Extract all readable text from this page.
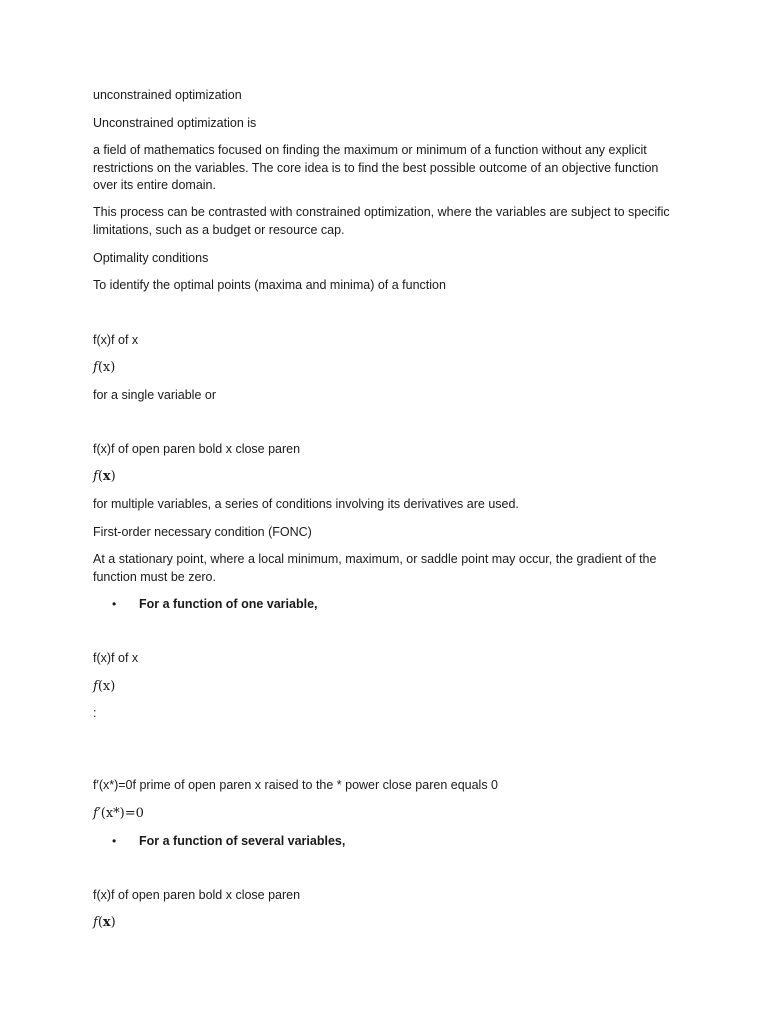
unconstrained optimization

Unconstrained optimization is

a field of mathematics focused on finding the maximum or minimum of a function without any explicit restrictions on the variables. The core idea is to find the best possible outcome of an objective function over its entire domain.

This process can be contrasted with constrained optimization, where the variables are subject to specific limitations, such as a budget or resource cap.

Optimality conditions

To identify the optimal points (maxima and minima) of a function

f(x)f of x

f(x)

for a single variable or

f(x)f of open paren bold x close paren

f(x)

for multiple variables, a series of conditions involving its derivatives are used.

First-order necessary condition (FONC)

At a stationary point, where a local minimum, maximum, or saddle point may occur, the gradient of the function must be zero.

•	For a function of one variable,

f(x)f of x

f(x)

:

f′(x*)=0f prime of open paren x raised to the * power close paren equals 0

f′(x*)=0

•	For a function of several variables,

f(x)f of open paren bold x close paren

f(x)
